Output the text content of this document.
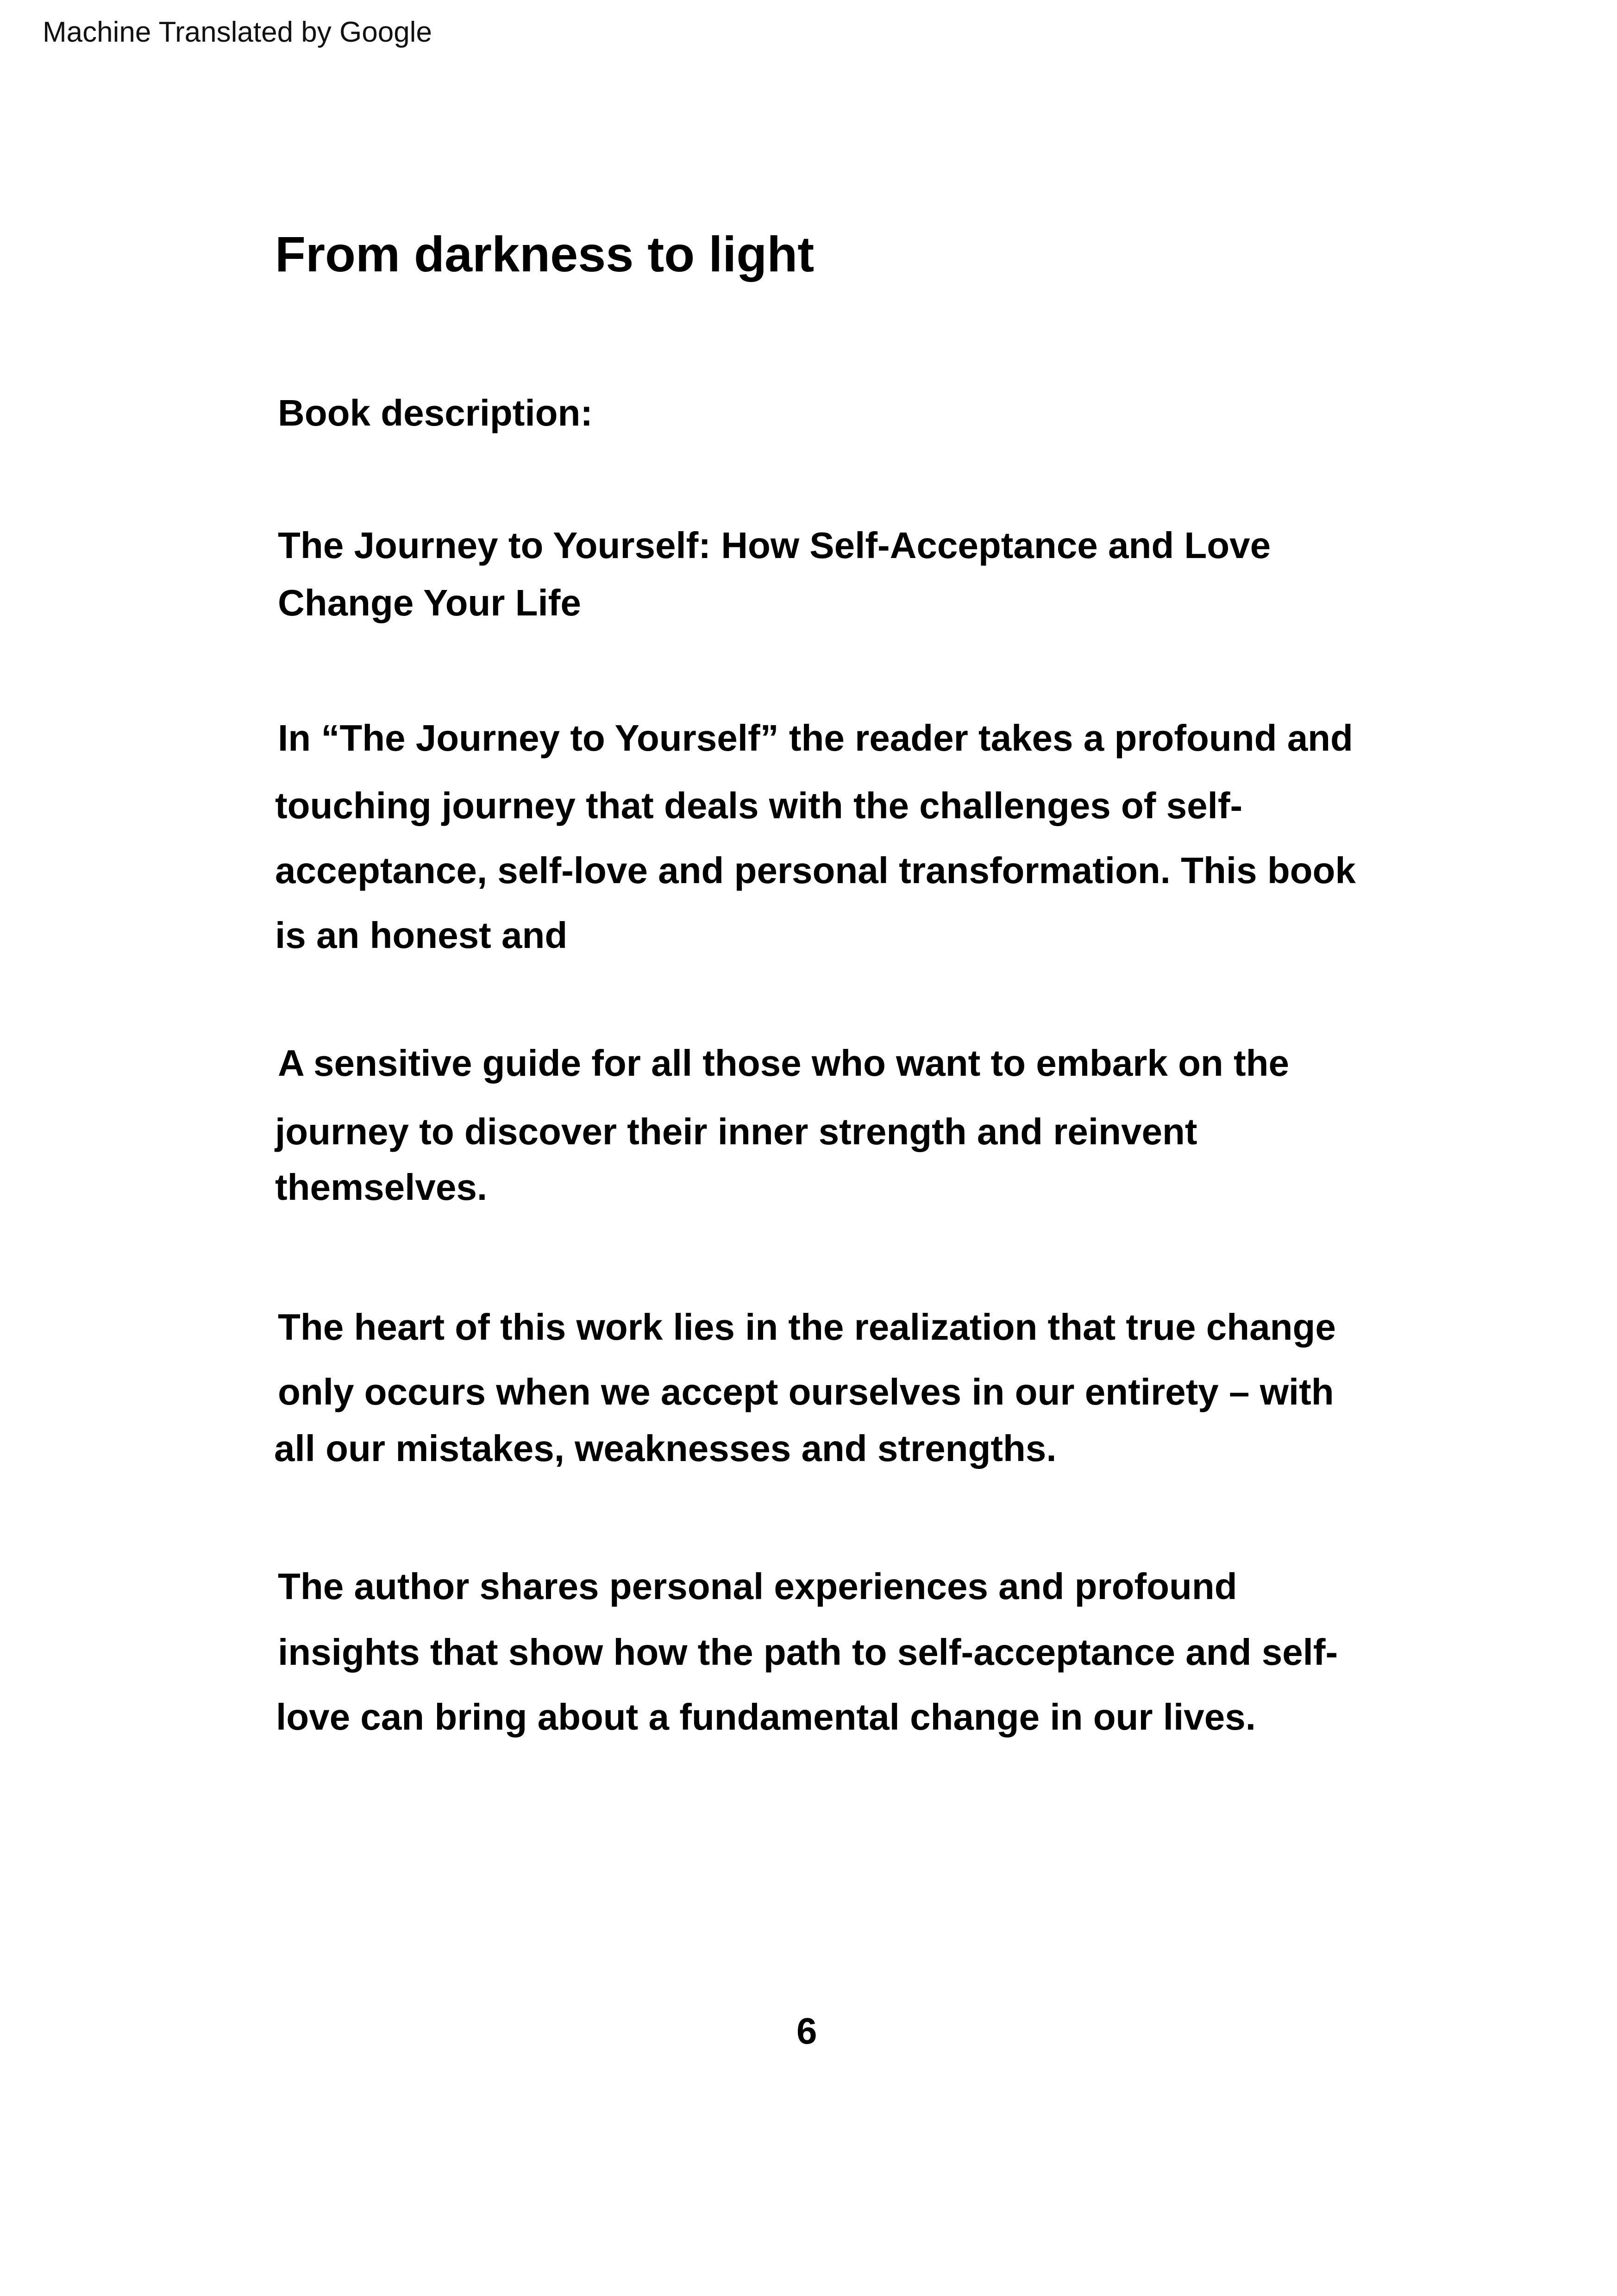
Machine Translated by Google
From darkness to light
Book description:
The Journey to Yourself: How Self-Acceptance and Love
Change Your Life
In “The Journey to Yourself” the reader takes a profound and
touching journey that deals with the challenges of self-
acceptance, self-love and personal transformation. This book
is an honest and
A sensitive guide for all those who want to embark on the
journey to discover their inner strength and reinvent
themselves.
The heart of this work lies in the realization that true change
only occurs when we accept ourselves in our entirety – with
all our mistakes, weaknesses and strengths.
The author shares personal experiences and profound
insights that show how the path to self-acceptance and self-
love can bring about a fundamental change in our lives.
6
